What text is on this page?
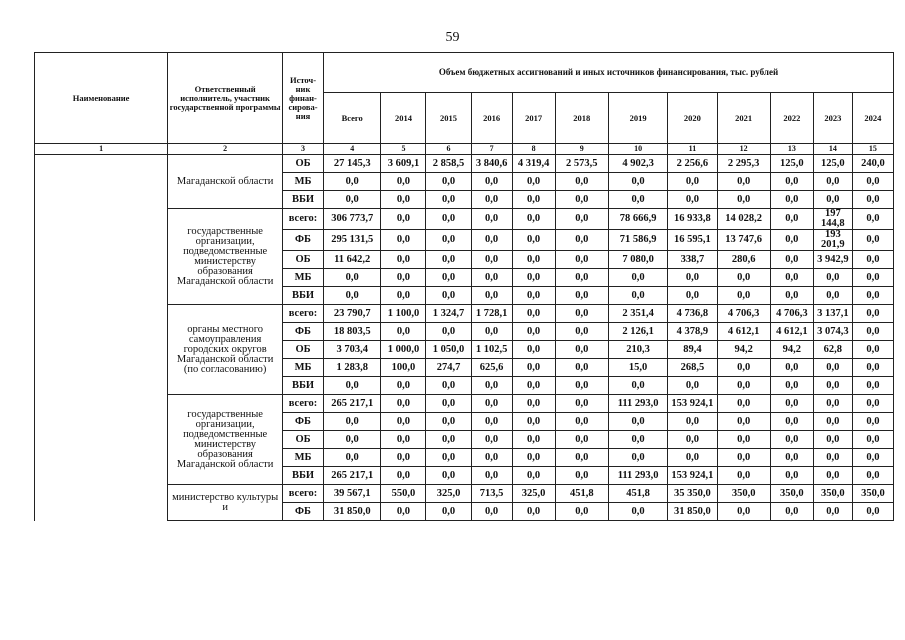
59
Наименование	Ответственный исполнитель, участник государственной программы	Источ-ник финан-сирова-ния	Объем бюджетных ассигнований и иных источников финансирования, тыс. рублей											
			Всего	2014	2015	2016	2017	2018	2019	2020	2021	2022	2023	2024
1	2	3	4	5	6	7	8	9	10	11	12	13	14	15
	Магаданской области	ОБ	27 145,3	3 609,1	2 858,5	3 840,6	4 319,4	2 573,5	4 902,3	2 256,6	2 295,3	125,0	125,0	240,0
		МБ	0,0	0,0	0,0	0,0	0,0	0,0	0,0	0,0	0,0	0,0	0,0	0,0
		ВБИ	0,0	0,0	0,0	0,0	0,0	0,0	0,0	0,0	0,0	0,0	0,0	0,0
	государственные организации, подведомственные министерству образования Магаданской области	всего:	306 773,7	0,0	0,0	0,0	0,0	0,0	78 666,9	16 933,8	14 028,2	0,0	197 144,8	0,0
		ФБ	295 131,5	0,0	0,0	0,0	0,0	0,0	71 586,9	16 595,1	13 747,6	0,0	193 201,9	0,0
		ОБ	11 642,2	0,0	0,0	0,0	0,0	0,0	7 080,0	338,7	280,6	0,0	3 942,9	0,0
		МБ	0,0	0,0	0,0	0,0	0,0	0,0	0,0	0,0	0,0	0,0	0,0	0,0
		ВБИ	0,0	0,0	0,0	0,0	0,0	0,0	0,0	0,0	0,0	0,0	0,0	0,0
	органы местного самоуправления городских округов Магаданской области (по согласованию)	всего:	23 790,7	1 100,0	1 324,7	1 728,1	0,0	0,0	2 351,4	4 736,8	4 706,3	4 706,3	3 137,1	0,0
		ФБ	18 803,5	0,0	0,0	0,0	0,0	0,0	2 126,1	4 378,9	4 612,1	4 612,1	3 074,3	0,0
		ОБ	3 703,4	1 000,0	1 050,0	1 102,5	0,0	0,0	210,3	89,4	94,2	94,2	62,8	0,0
		МБ	1 283,8	100,0	274,7	625,6	0,0	0,0	15,0	268,5	0,0	0,0	0,0	0,0
		ВБИ	0,0	0,0	0,0	0,0	0,0	0,0	0,0	0,0	0,0	0,0	0,0	0,0
	государственные организации, подведомственные министерству образования Магаданской области	всего:	265 217,1	0,0	0,0	0,0	0,0	0,0	111 293,0	153 924,1	0,0	0,0	0,0	0,0
		ФБ	0,0	0,0	0,0	0,0	0,0	0,0	0,0	0,0	0,0	0,0	0,0	0,0
		ОБ	0,0	0,0	0,0	0,0	0,0	0,0	0,0	0,0	0,0	0,0	0,0	0,0
		МБ	0,0	0,0	0,0	0,0	0,0	0,0	0,0	0,0	0,0	0,0	0,0	0,0
		ВБИ	265 217,1	0,0	0,0	0,0	0,0	0,0	111 293,0	153 924,1	0,0	0,0	0,0	0,0
	министерство культуры и	всего:	39 567,1	550,0	325,0	713,5	325,0	451,8	451,8	35 350,0	350,0	350,0	350,0	350,0
		ФБ	31 850,0	0,0	0,0	0,0	0,0	0,0	0,0	31 850,0	0,0	0,0	0,0	0,0
